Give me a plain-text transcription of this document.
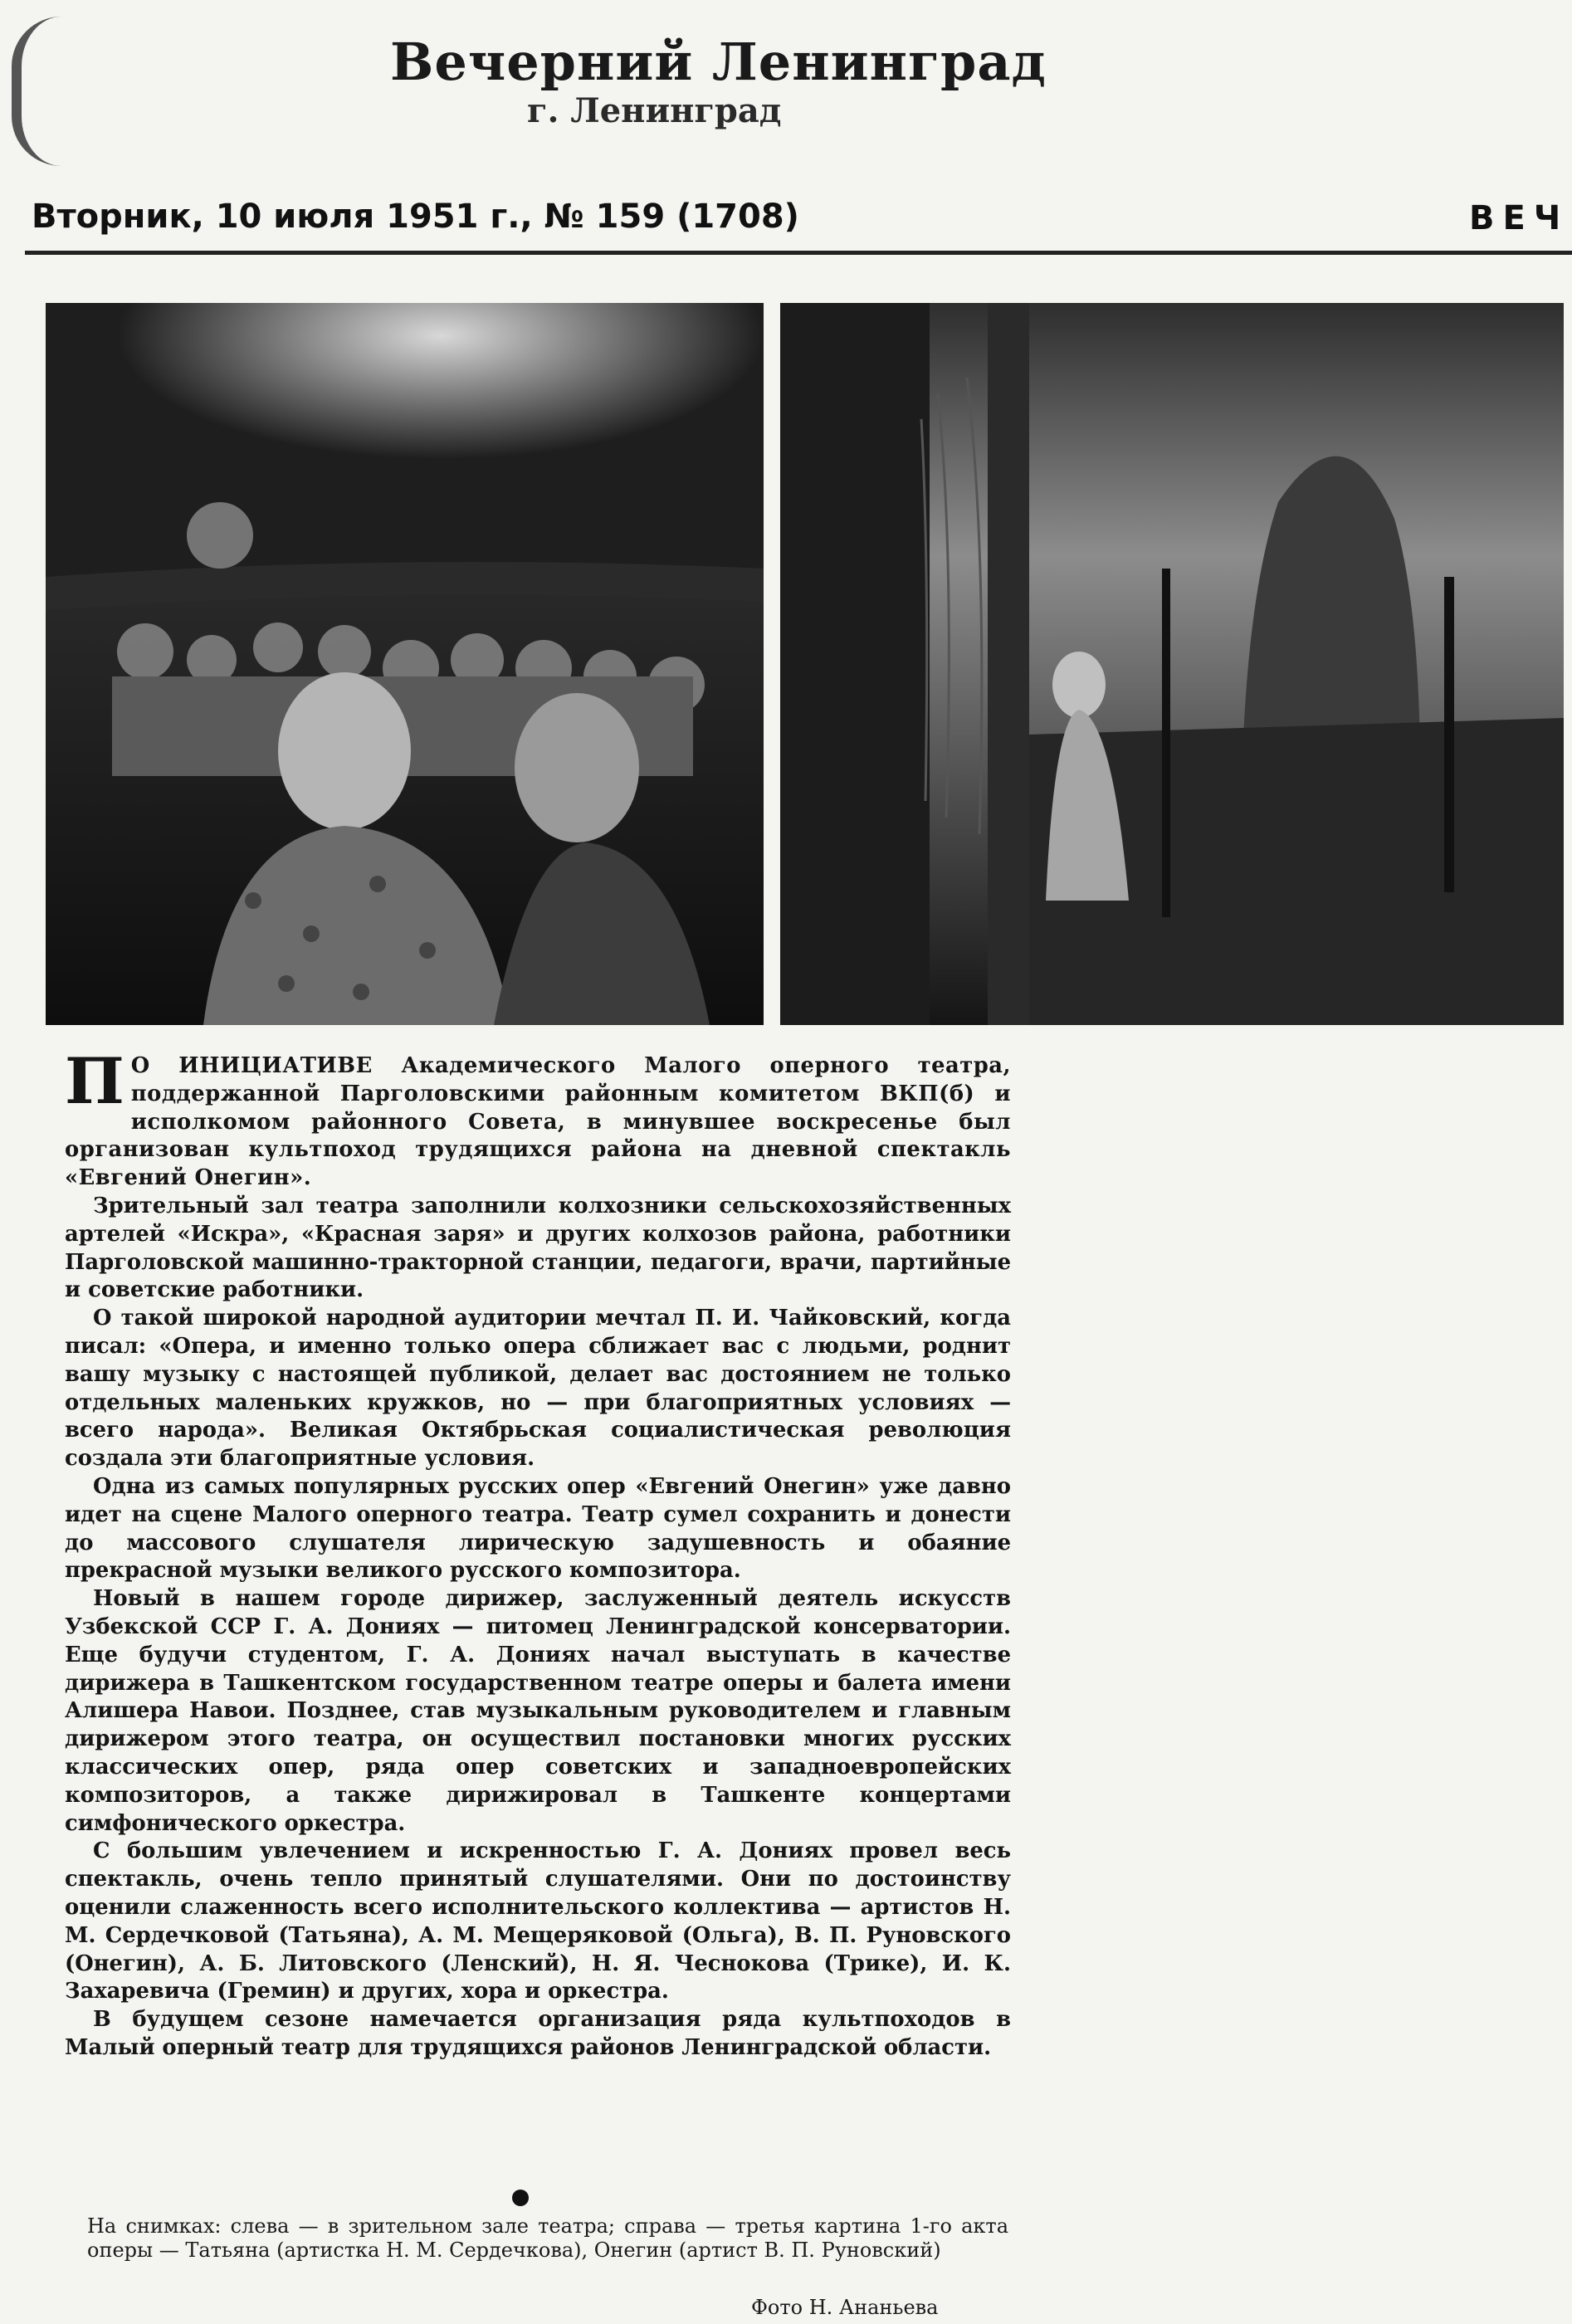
Вечерний Ленинград
г. Ленинград
Вторник, 10 июля 1951 г., № 159 (1708)	ВЕЧ

П О ИНИЦИАТИВЕ Академического Малого оперного театра, поддержанной Парголовскими районным комитетом ВКП(б) и исполкомом районного Совета, в минувшее воскресенье был организован культпоход трудящихся района на дневной спектакль «Евгений Онегин».

Зрительный зал театра заполнили колхозники сельскохозяйственных артелей «Искра», «Красная заря» и других колхозов района, работники Парголовской машинно-тракторной станции, педагоги, врачи, партийные и советские работники.

О такой широкой народной аудитории мечтал П. И. Чайковский, когда писал: «Опера, и именно только опера сближает вас с людьми, роднит вашу музыку с настоящей публикой, делает вас достоянием не только отдельных маленьких кружков, но — при благоприятных условиях — всего народа». Великая Октябрьская социалистическая революция создала эти благоприятные условия.

Одна из самых популярных русских опер «Евгений Онегин» уже давно идет на сцене Малого оперного театра. Театр сумел сохранить и донести до массового слушателя лирическую задушевность и обаяние прекрасной музыки великого русского композитора.

Новый в нашем городе дирижер, заслуженный деятель искусств Узбекской ССР Г. А. Дониях — питомец Ленинградской консерватории. Еще будучи студентом, Г. А. Дониях начал выступать в качестве дирижера в Ташкентском государственном театре оперы и балета имени Алишера Навои. Позднее, став музыкальным руководителем и главным дирижером этого театра, он осуществил постановки многих русских классических опер, ряда опер советских и западноевропейских композиторов, а также дирижировал в Ташкенте концертами симфонического оркестра.

С большим увлечением и искренностью Г. А. Дониях провел весь спектакль, очень тепло принятый слушателями. Они по достоинству оценили слаженность всего исполнительского коллектива — артистов Н. М. Сердечковой (Татьяна), А. М. Мещеряковой (Ольга), В. П. Руновского (Онегин), А. Б. Литовского (Ленский), Н. Я. Чеснокова (Трике), И. К. Захаревича (Гремин) и других, хора и оркестра.

В будущем сезоне намечается организация ряда культпоходов в Малый оперный театр для трудящихся районов Ленинградской области.

На снимках: слева — в зрительном зале театра; справа — третья картина 1-го акта оперы — Татьяна (артистка Н. М. Сердечкова), Онегин (артист В. П. Руновский)
Фото Н. Ананьева
